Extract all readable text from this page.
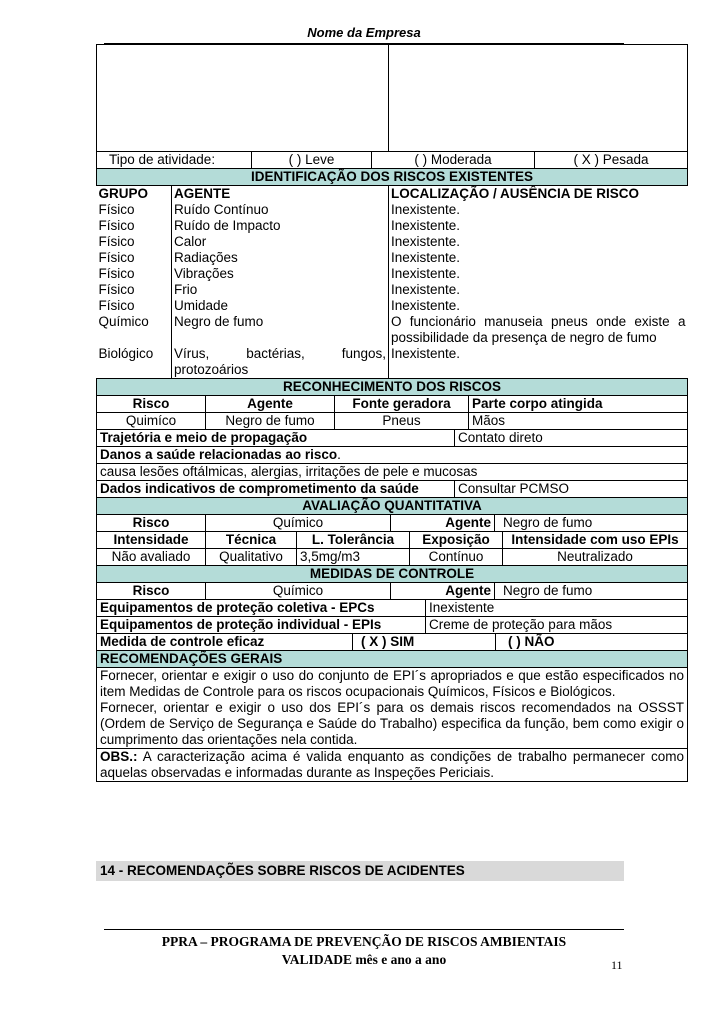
Nome da Empresa

Tipo de atividade:	( ) Leve	( ) Moderada	( X ) Pesada

IDENTIFICAÇÃO DOS RISCOS EXISTENTES
GRUPO	AGENTE	LOCALIZAÇÃO / AUSÊNCIA DE RISCO
Físico	Ruído Contínuo	Inexistente.
Físico	Ruído de Impacto	Inexistente.
Físico	Calor	Inexistente.
Físico	Radiações	Inexistente.
Físico	Vibrações	Inexistente.
Físico	Frio	Inexistente.
Físico	Umidade	Inexistente.
Químico	Negro de fumo	O funcionário manuseia pneus onde existe a possibilidade da presença de negro de fumo
Biológico	Vírus, bactérias, fungos, protozoários	Inexistente.
RECONHECIMENTO DOS RISCOS

Risco	Agente	Fonte geradora	Parte corpo atingida
Quimíco	Negro de fumo	Pneus	Mãos

Trajetória e meio de propagação	Contato direto

Danos a saúde relacionadas ao risco.
causa lesões oftálmicas, alergias, irritações de pele e mucosas

Dados indicativos de comprometimento da saúde	Consultar PCMSO

AVALIAÇÃO QUANTITATIVA

Risco	Químico	Agente	Negro de fumo

Intensidade	Técnica	L. Tolerância	Exposição	Intensidade com uso EPIs
Não avaliado	Qualitativo	3,5mg/m3	Contínuo	Neutralizado

MEDIDAS DE CONTROLE

Risco	Químico	Agente	Negro de fumo

Equipamentos de proteção coletiva - EPCs	Inexistente

Equipamentos de proteção individual - EPIs	Creme de proteção para mãos

Medida de controle eficaz	( X ) SIM	( ) NÃO

RECOMENDAÇÕES GERAIS

Fornecer, orientar e exigir o uso do conjunto de EPI´s apropriados e que estão especificados no item Medidas de Controle para os riscos ocupacionais Químicos, Físicos e Biológicos.
Fornecer, orientar e exigir o uso dos EPI´s para os demais riscos recomendados na OSSST (Ordem de Serviço de Segurança e Saúde do Trabalho) especifica da função, bem como exigir o cumprimento das orientações nela contida.

OBS.: A caracterização acima é valida enquanto as condições de trabalho permanecer como aquelas observadas e informadas durante as Inspeções Periciais.
14 - RECOMENDAÇÕES SOBRE RISCOS DE ACIDENTES
PPRA – PROGRAMA DE PREVENÇÃO DE RISCOS AMBIENTAIS
VALIDADE mês e ano a ano	11
